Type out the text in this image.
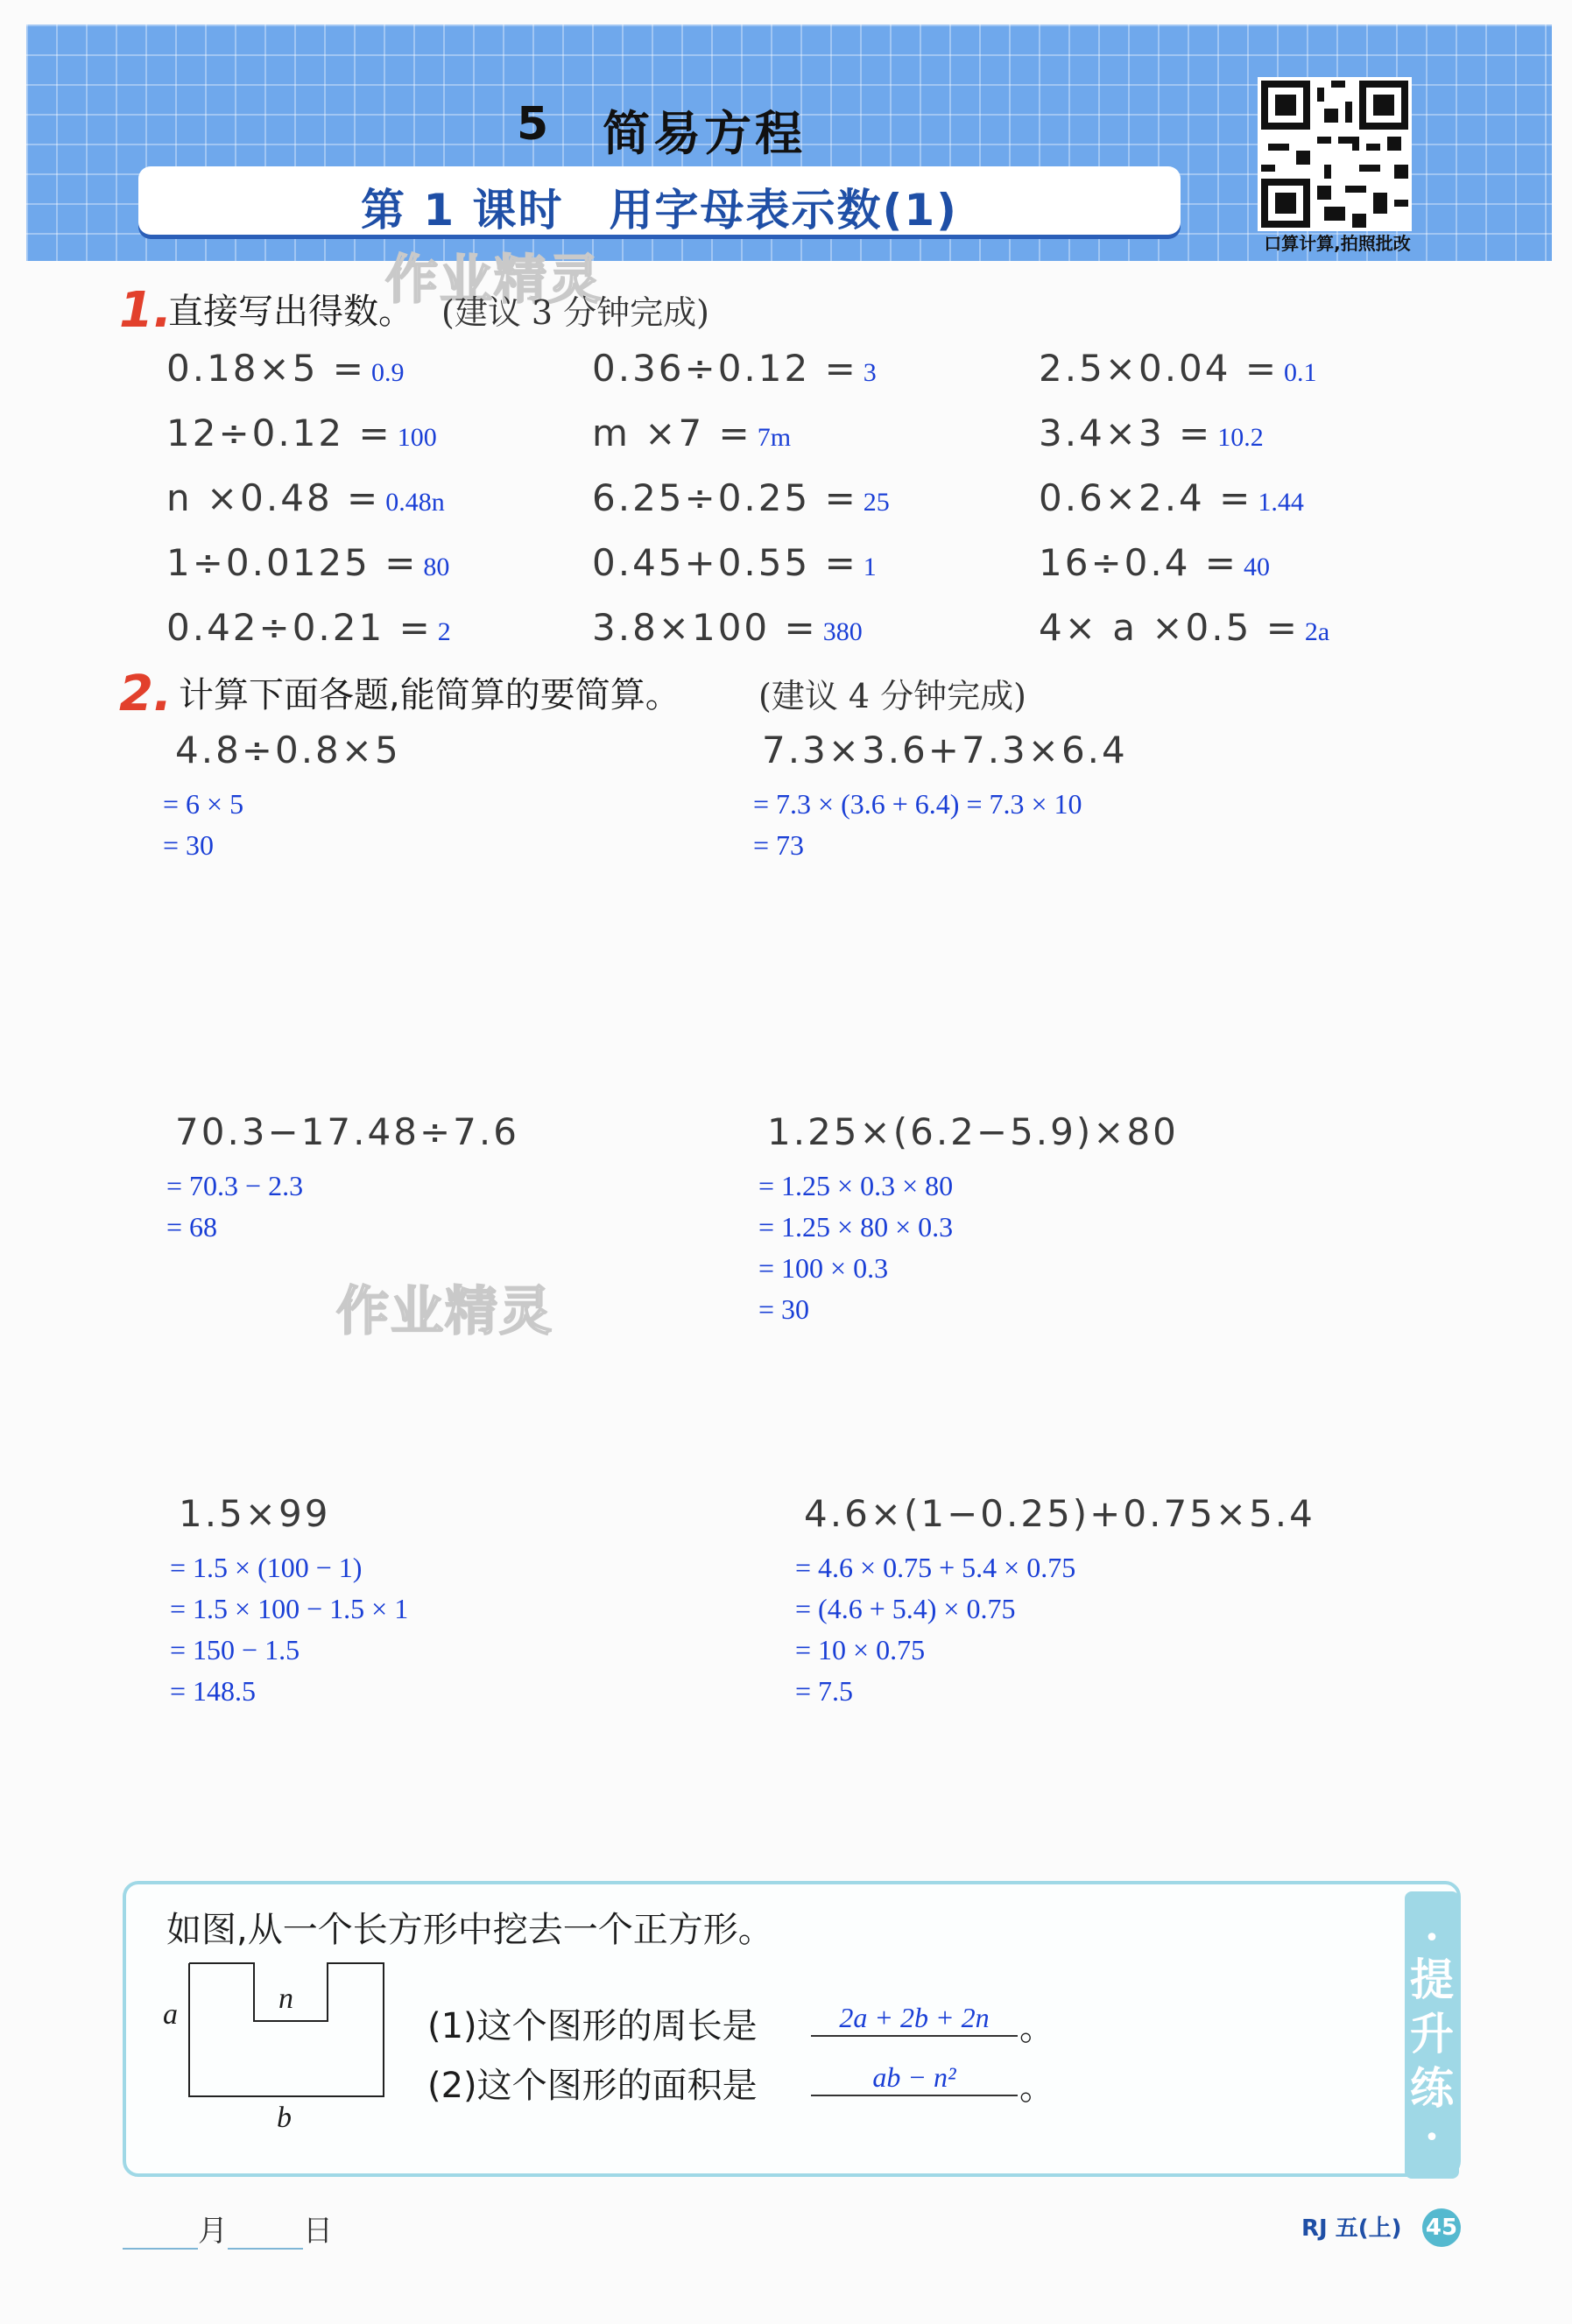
5 简易方程
第 1 课时　用字母表示数(1)
口算计算,拍照批改
作业精灵
作业精灵
1.
直接写出得数。 (建议 3 分钟完成)
0.18×5 = 0.9	0.36÷0.12 = 3	2.5×0.04 = 0.1
12÷0.12 = 100	m ×7 = 7m	3.4×3 = 10.2
n ×0.48 = 0.48n	6.25÷0.25 = 25	0.6×2.4 = 1.44
1÷0.0125 = 80	0.45+0.55 = 1	16÷0.4 = 40
0.42÷0.21 = 2	3.8×100 = 380	4× a ×0.5 = 2a
2. 计算下面各题,能简算的要简算。 (建议 4 分钟完成)
4.8÷0.8×5
= 6 × 5
= 30
7.3×3.6+7.3×6.4
= 7.3 × (3.6 + 6.4) = 7.3 × 10
= 73
70.3−17.48÷7.6
= 70.3 − 2.3
= 68
1.25×(6.2−5.9)×80
= 1.25 × 0.3 × 80
= 1.25 × 80 × 0.3
= 100 × 0.3
= 30
1.5×99
= 1.5 × (100 − 1)
= 1.5 × 100 − 1.5 × 1
= 150 − 1.5
= 148.5
4.6×(1−0.25)+0.75×5.4
= 4.6 × 0.75 + 5.4 × 0.75
= (4.6 + 5.4) × 0.75
= 10 × 0.75
= 7.5
提
升
练
•
•
如图,从一个长方形中挖去一个正方形。
a	n
b
(1)这个图形的周长是	2a + 2b + 2n 。
(2)这个图形的面积是	ab − n²	。
月	日	RJ 五(上) 45
